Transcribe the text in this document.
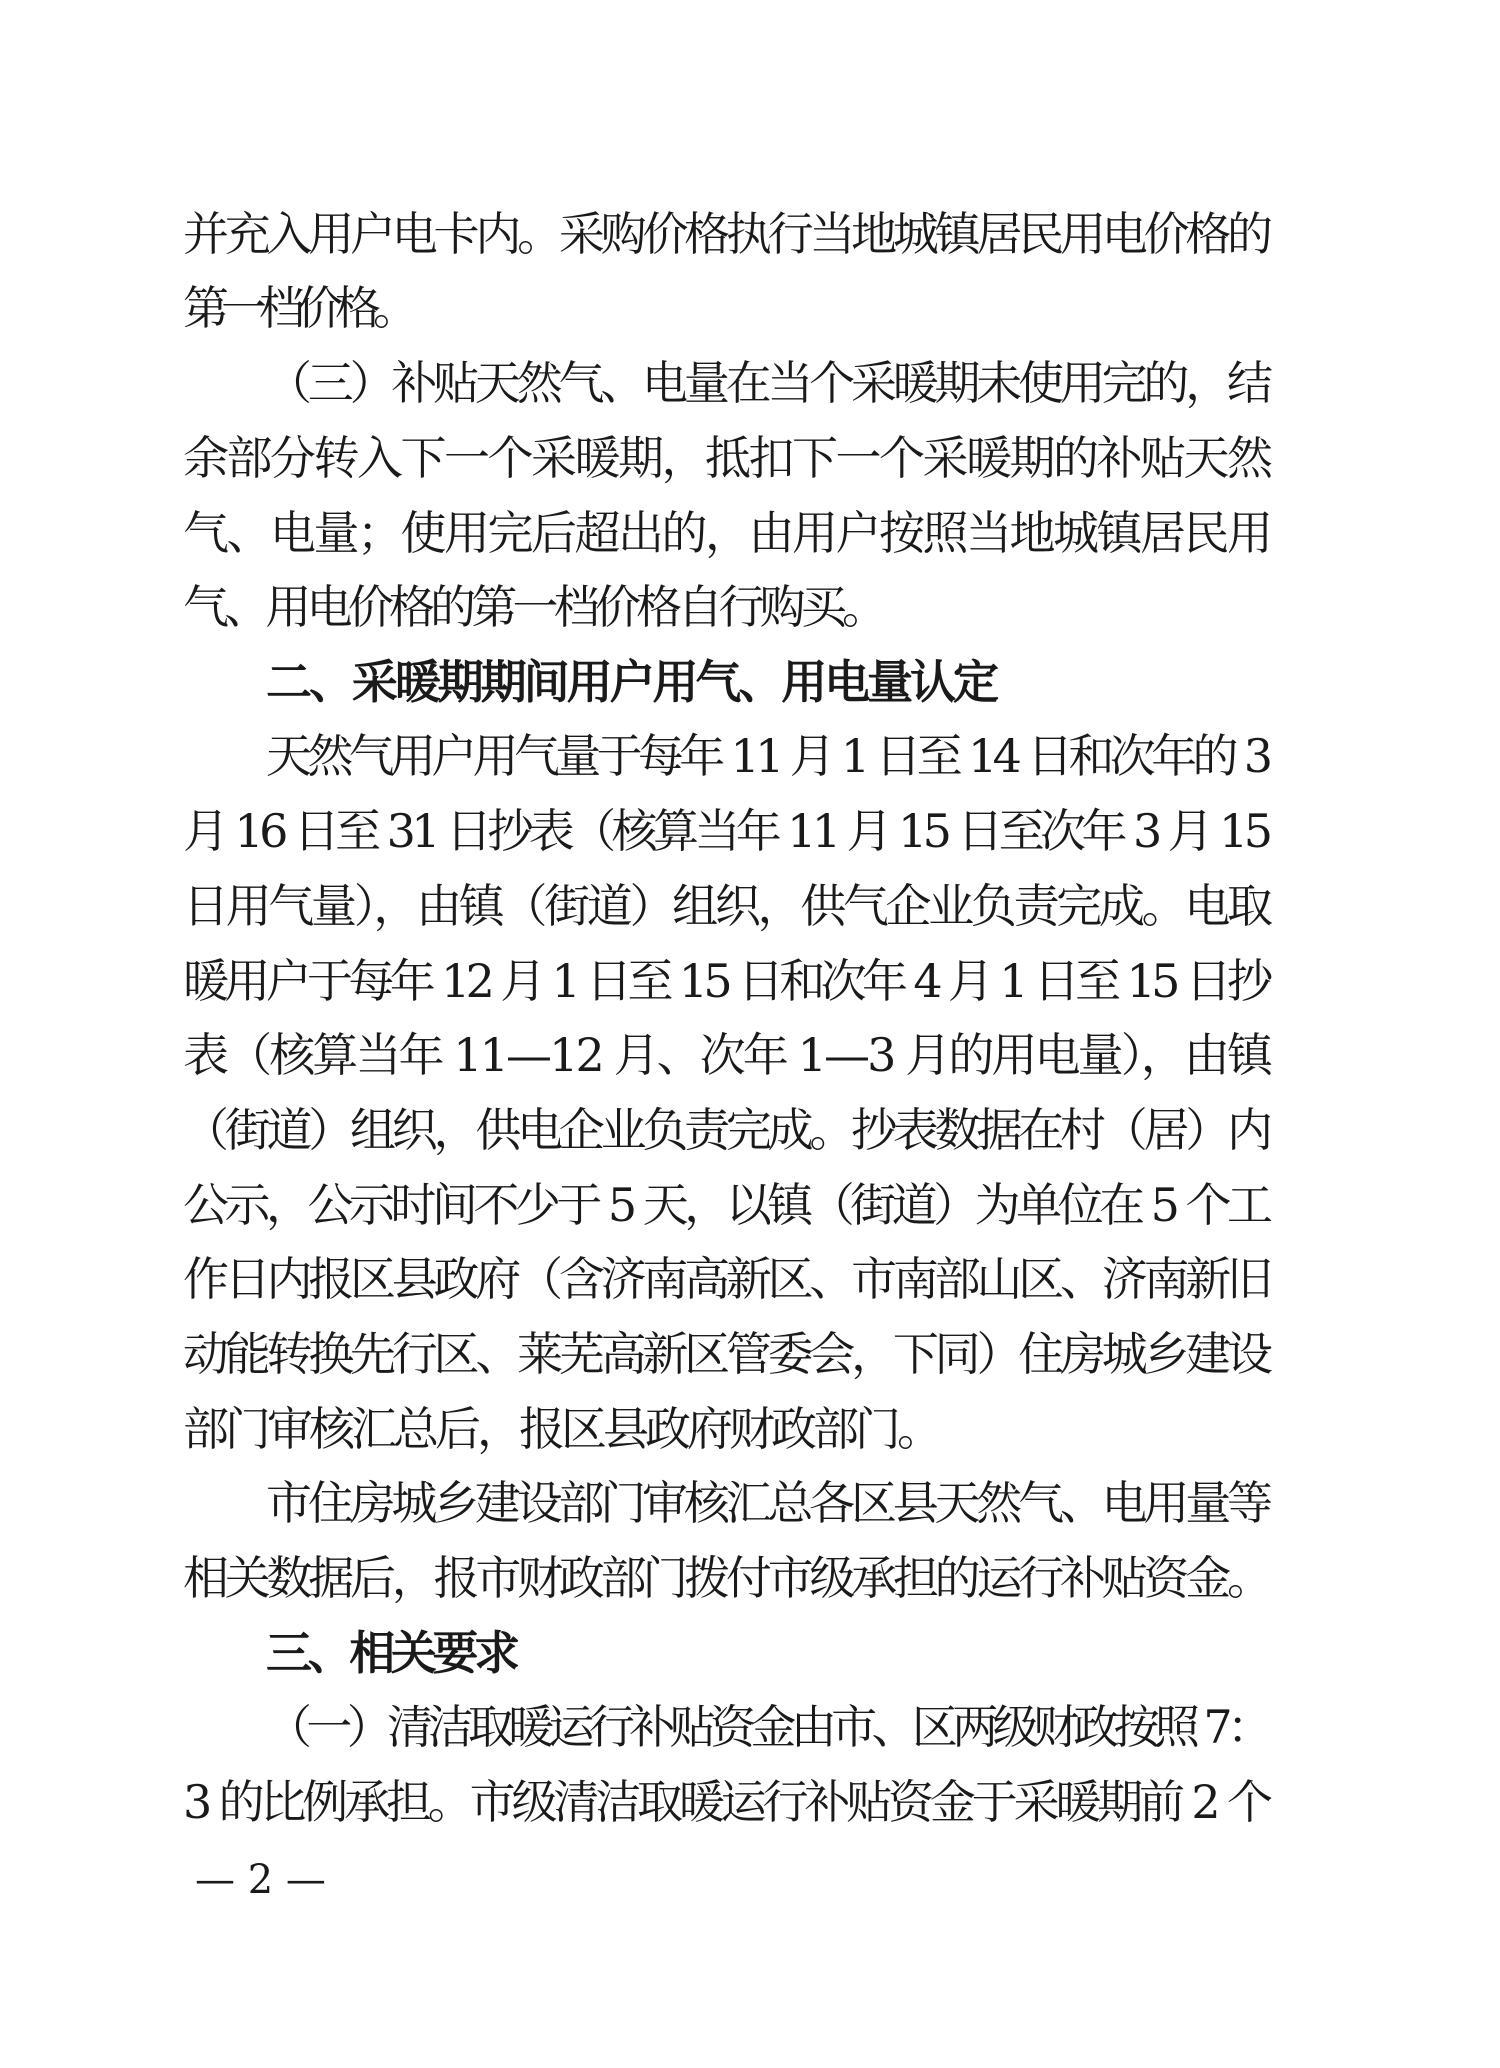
并充入用户电卡内。采购价格执行当地城镇居民用电价格的
第一档价格。
（三）补贴天然气、电量在当个采暖期未使用完的，结
余部分转入下一个采暖期，抵扣下一个采暖期的补贴天然
气、电量；使用完后超出的，由用户按照当地城镇居民用
气、用电价格的第一档价格自行购买。
二、采暖期期间用户用气、用电量认定
天然气用户用气量于每年 11 月 1 日至 14 日和次年的 3
月 16 日至 31 日抄表（核算当年 11 月 15 日至次年 3 月 15
日用气量），由镇（街道）组织，供气企业负责完成。电取
暖用户于每年 12 月 1 日至 15 日和次年 4 月 1 日至 15 日抄
表（核算当年 11—12 月、次年 1—3 月的用电量），由镇
（街道）组织，供电企业负责完成。抄表数据在村（居）内
公示，公示时间不少于 5 天，以镇（街道）为单位在 5 个工
作日内报区县政府（含济南高新区、市南部山区、济南新旧
动能转换先行区、莱芜高新区管委会，下同）住房城乡建设
部门审核汇总后，报区县政府财政部门。
市住房城乡建设部门审核汇总各区县天然气、电用量等
相关数据后，报市财政部门拨付市级承担的运行补贴资金。
三、相关要求
（一）清洁取暖运行补贴资金由市、区两级财政按照 7：
3 的比例承担。市级清洁取暖运行补贴资金于采暖期前 2 个
— 2 —
